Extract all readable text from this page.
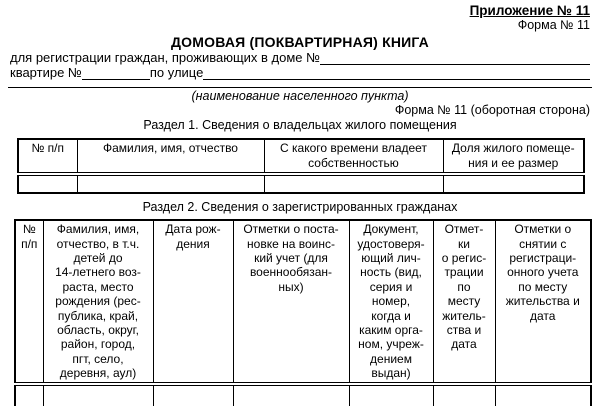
Приложение № 11
Форма № 11
ДОМОВАЯ (ПОКВАРТИРНАЯ) КНИГА
для регистрации граждан, проживающих в доме №
квартире №	по улице
(наименование населенного пункта)
Форма № 11 (оборотная сторона)
Раздел 1. Сведения о владельцах жилого помещения
№ п/п	Фамилия, имя, отчество	С какого времени владеет
собственностью	Доля жилого помеще-
ния и ее размер

Раздел 2. Сведения о зарегистрированных гражданах
№
п/п	Фамилия, имя,
отчество, в т.ч.
детей до
14-летнего воз-
раста, место
рождения (рес-
публика, край,
область, округ,
район, город,
пгт, село,
деревня, аул)	Дата рож-
дения	Отметки о поста-
новке на воинс-
кий учет (для
военнообязан-
ных)	Документ,
удостоверя-
ющий лич-
ность (вид,
серия и
номер,
когда и
каким орга-
ном, учреж-
дением
выдан)	Отмет-
ки
о регис-
трации
по
месту
житель-
ства и
дата	Отметки о
снятии с
регистраци-
онного учета
по месту
жительства и
дата
